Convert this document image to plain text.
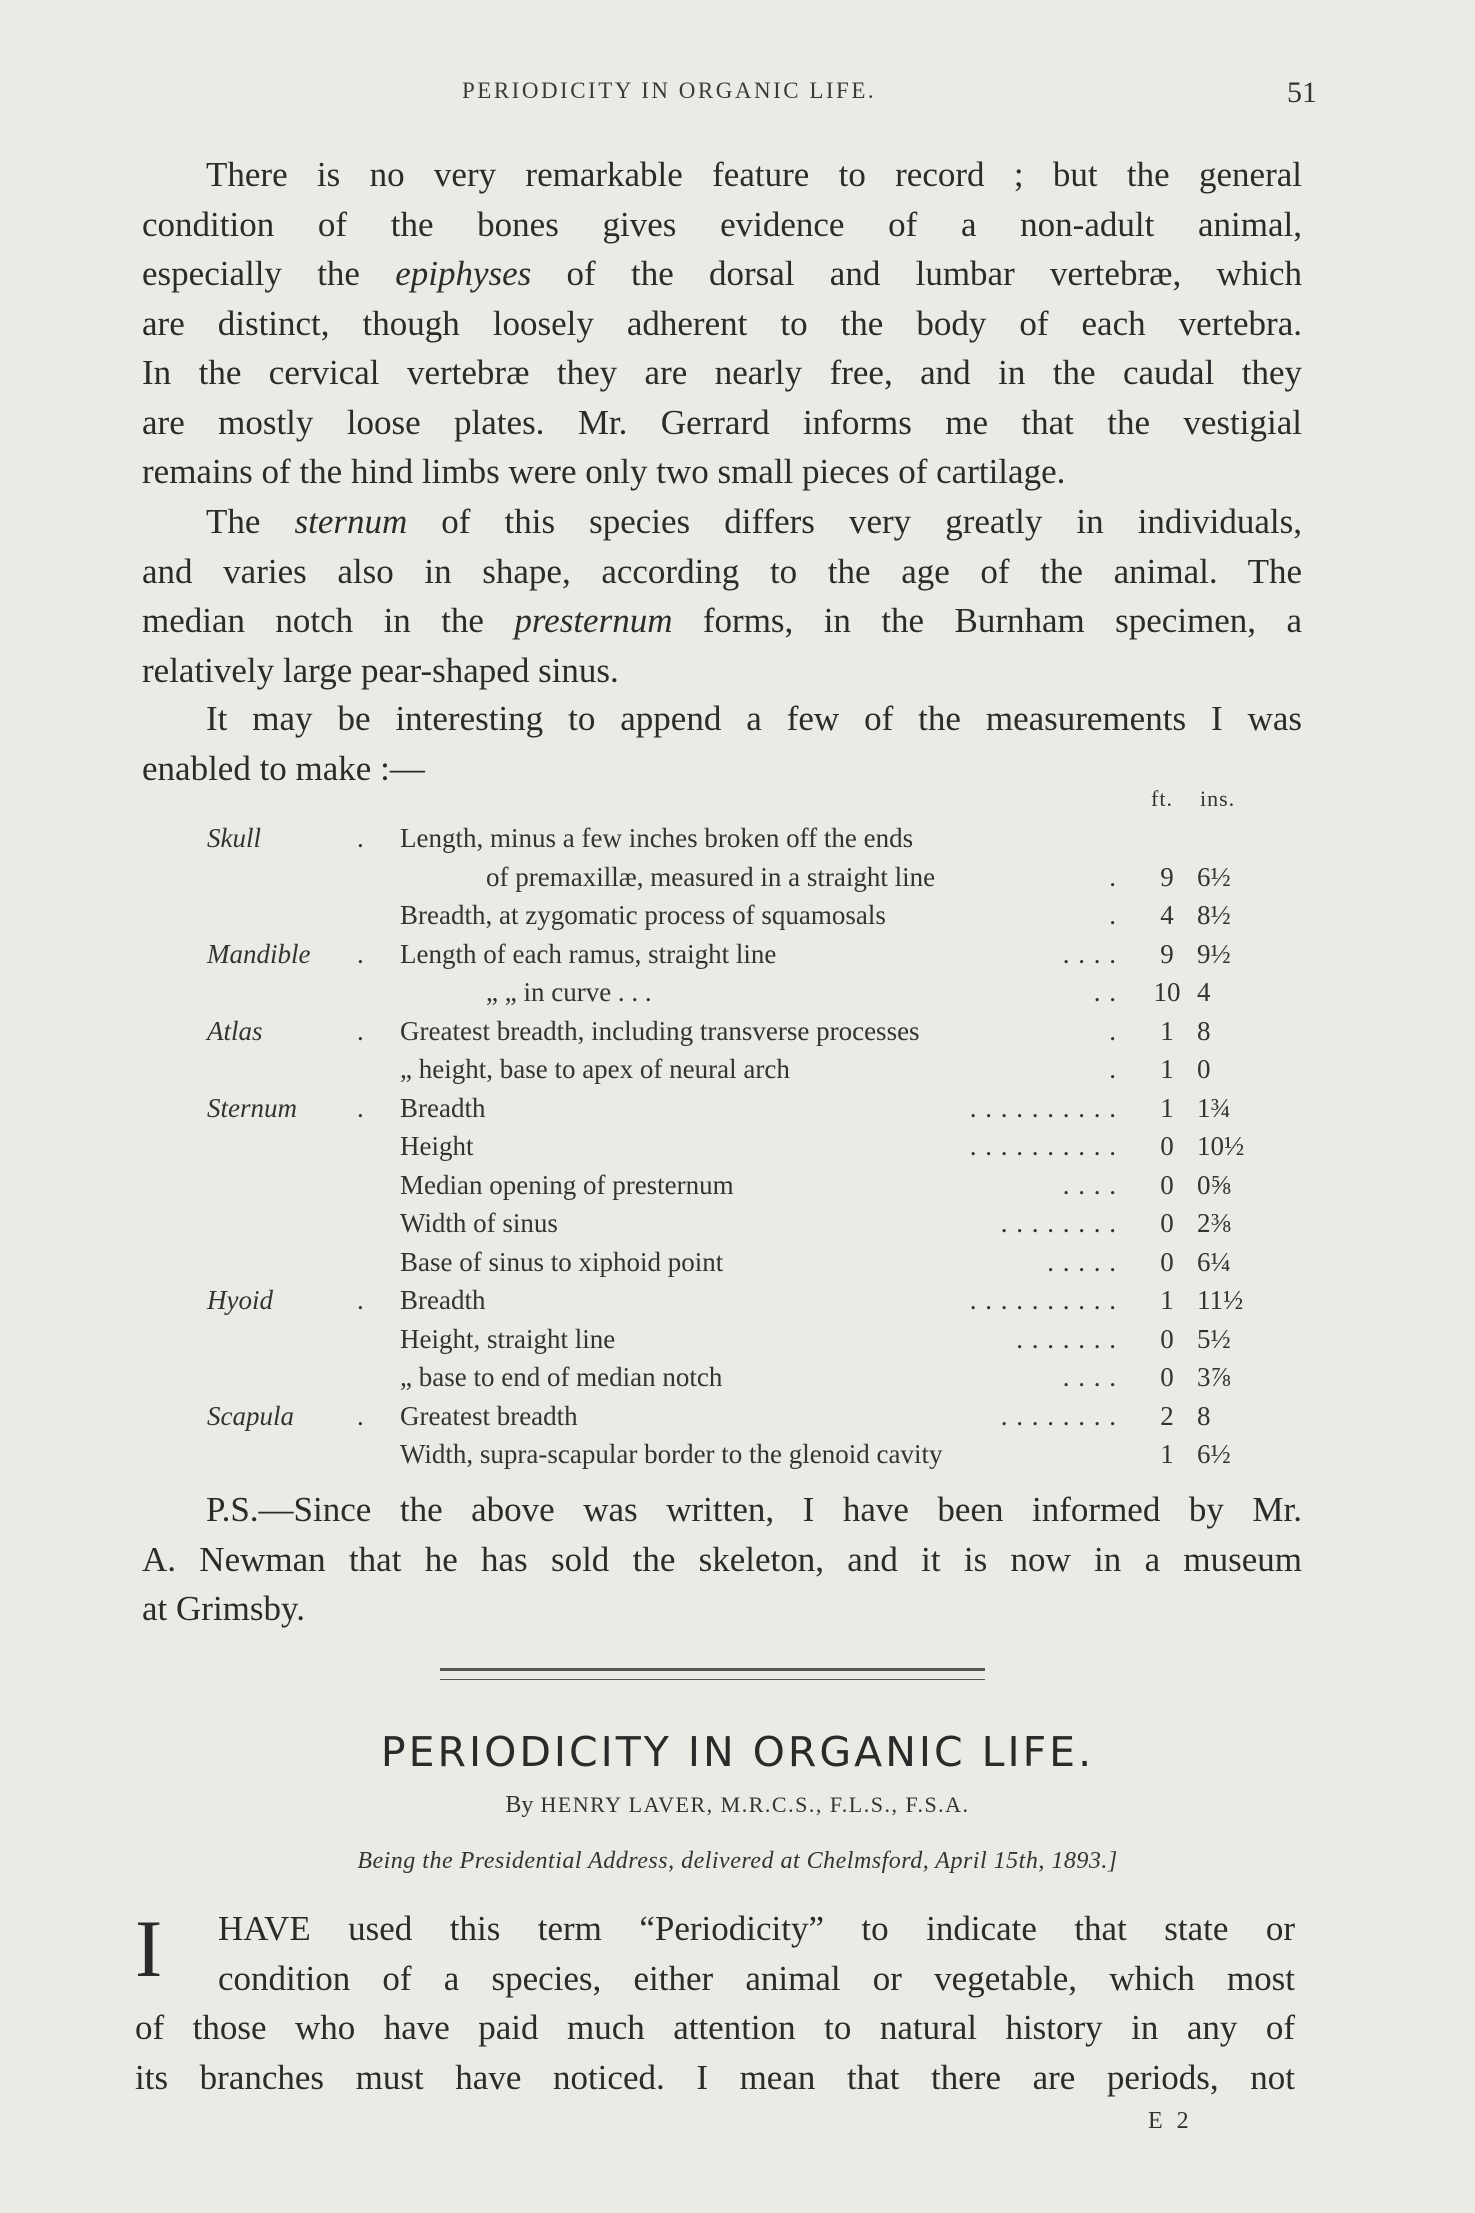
PERIODICITY IN ORGANIC LIFE.	51
There is no very remarkable feature to record ; but the general
condition of the bones gives evidence of a non-adult animal,
especially the epiphyses of the dorsal and lumbar vertebræ, which
are distinct, though loosely adherent to the body of each vertebra.
In the cervical vertebræ they are nearly free, and in the caudal they
are mostly loose plates. Mr. Gerrard informs me that the vestigial
remains of the hind limbs were only two small pieces of cartilage.
The sternum of this species differs very greatly in individuals,
and varies also in shape, according to the age of the animal. The
median notch in the presternum forms, in the Burnham specimen, a
relatively large pear-shaped sinus.
It may be interesting to append a few of the measurements I was
enabled to make :—
ft. ins.
Skull	. Length, minus a few inches broken off the ends
of premaxillæ, measured in a straight line	.	9 6½
Breadth, at zygomatic process of squamosals	.	4 8½
Mandible . Length of each ramus, straight line	. . . .	9 9½
„ „ in curve . . .	. . 10 4
Atlas	. Greatest breadth, including transverse processes	.	1 8
„ height, base to apex of neural arch	.	1 0
Sternum . Breadth	. . . . . . . . . .	1 1¾
Height	. . . . . . . . . .	0 10½
Median opening of presternum	. . . .	0 0⅝
Width of sinus	. . . . . . . .	0 2⅜
Base of sinus to xiphoid point	. . . . .	0 6¼
Hyoid	. Breadth	. . . . . . . . . .	1 11½
Height, straight line	. . . . . . .	0 5½
„ base to end of median notch	. . . .	0 3⅞
Scapula . Greatest breadth	. . . . . . . .	2 8
Width, supra-scapular border to the glenoid cavity	1 6½
P.S.—Since the above was written, I have been informed by Mr.
A. Newman that he has sold the skeleton, and it is now in a museum
at Grimsby.
PERIODICITY IN ORGANIC LIFE.
By HENRY LAVER, M.R.C.S., F.L.S., F.S.A.
Being the Presidential Address, delivered at Chelmsford, April 15th, 1893.]
I	HAVE used this term “Periodicity” to indicate that state or
condition of a species, either animal or vegetable, which most
of those who have paid much attention to natural history in any of
its branches must have noticed. I mean that there are periods, not
E 2
